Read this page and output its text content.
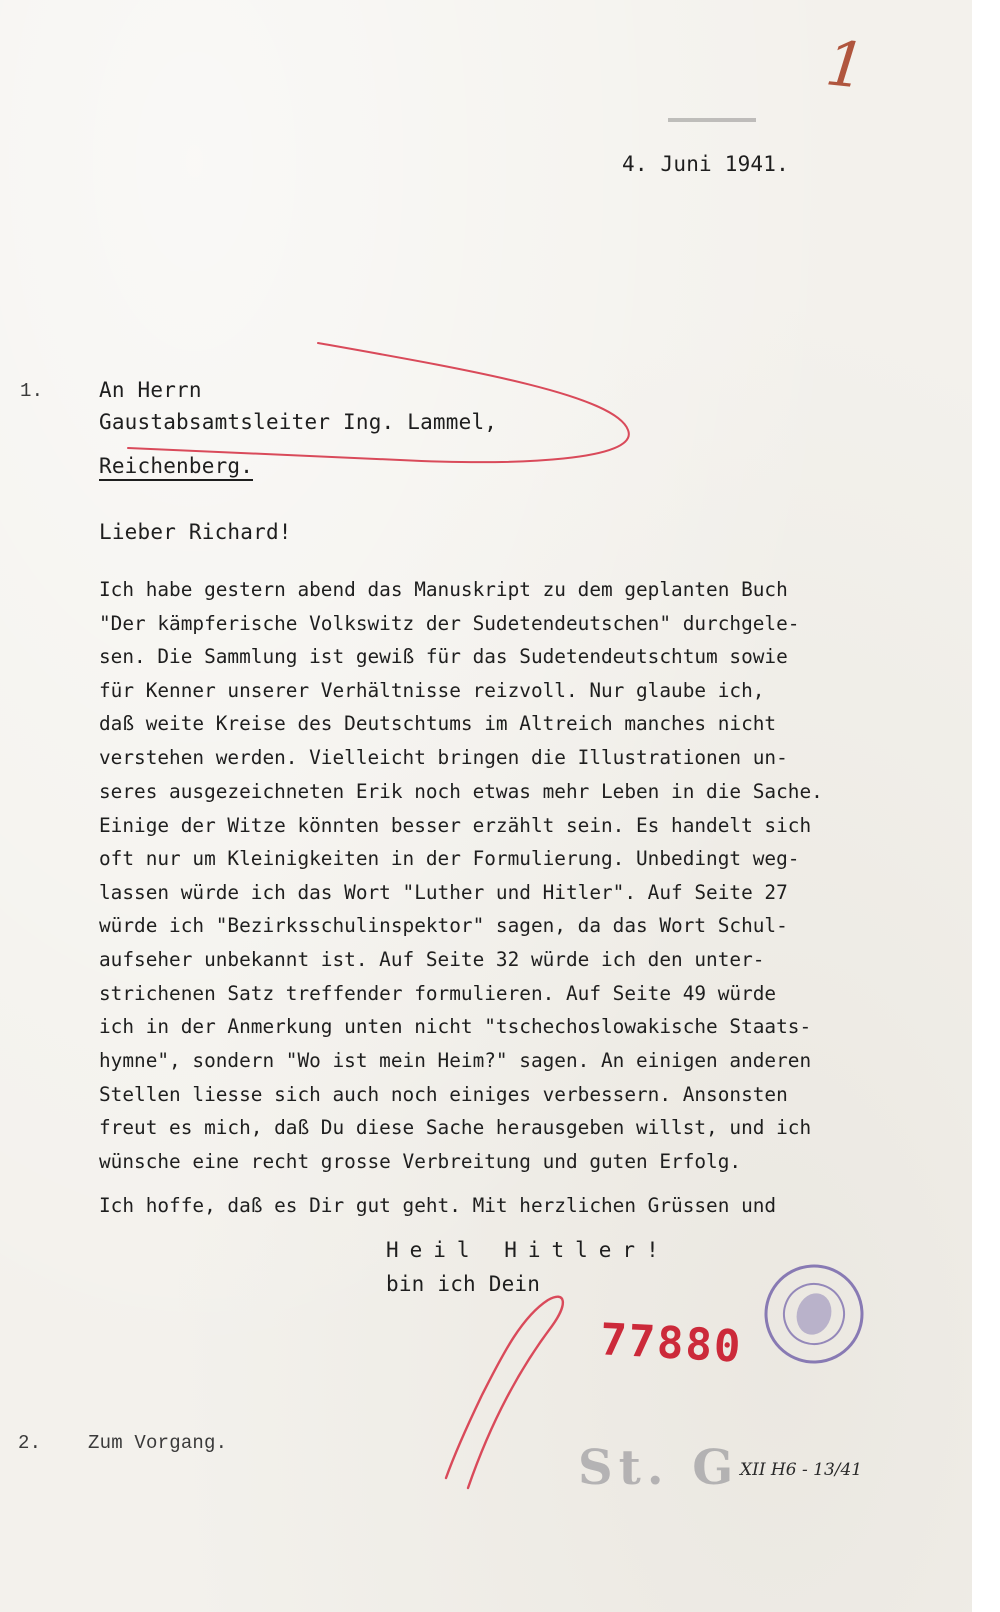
1
4. Juni 1941.
1.	An Herrn
Gaustabsamtsleiter Ing. Lammel,
Reichenberg.
Lieber Richard!
Ich habe gestern abend das Manuskript zu dem geplanten Buch
"Der kämpferische Volkswitz der Sudetendeutschen" durchgele-
sen. Die Sammlung ist gewiß für das Sudetendeutschtum sowie
für Kenner unserer Verhältnisse reizvoll. Nur glaube ich,
daß weite Kreise des Deutschtums im Altreich manches nicht
verstehen werden. Vielleicht bringen die Illustrationen un-
seres ausgezeichneten Erik noch etwas mehr Leben in die Sache.
Einige der Witze könnten besser erzählt sein. Es handelt sich
oft nur um Kleinigkeiten in der Formulierung. Unbedingt weg-
lassen würde ich das Wort "Luther und Hitler". Auf Seite 27
würde ich "Bezirksschulinspektor" sagen, da das Wort Schul-
aufseher unbekannt ist. Auf Seite 32 würde ich den unter-
strichenen Satz treffender formulieren. Auf Seite 49 würde
ich in der Anmerkung unten nicht "tschechoslowakische Staats-
hymne", sondern "Wo ist mein Heim?" sagen. An einigen anderen
Stellen liesse sich auch noch einiges verbessern. Ansonsten
freut es mich, daß Du diese Sache herausgeben willst, und ich
wünsche eine recht grosse Verbreitung und guten Erfolg.
Ich hoffe, daß es Dir gut geht. Mit herzlichen Grüssen und
Heil Hitler!
bin ich Dein
77880
2. Zum Vorgang.	St. G XII H6 - 13/41
